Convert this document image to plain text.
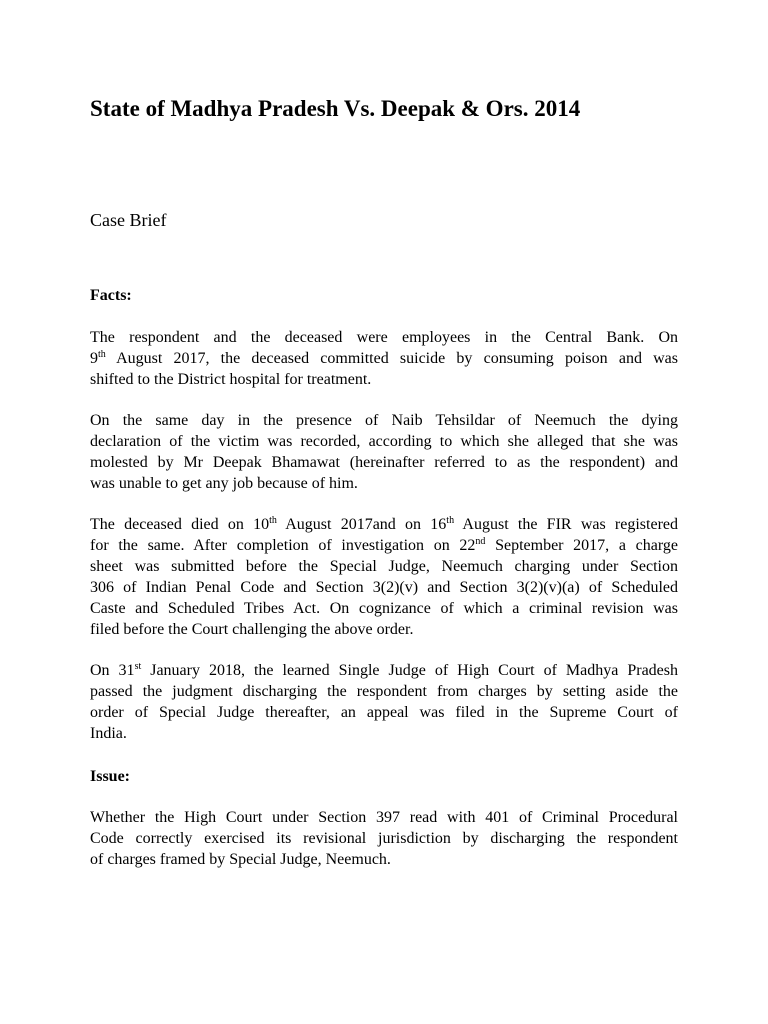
State of Madhya Pradesh Vs. Deepak & Ors. 2014

Case Brief

Facts:

The respondent and the deceased were employees in the Central Bank. On
9th August 2017, the deceased committed suicide by consuming poison and was
shifted to the District hospital for treatment.
On the same day in the presence of Naib Tehsildar of Neemuch the dying
declaration of the victim was recorded, according to which she alleged that she was
molested by Mr Deepak Bhamawat (hereinafter referred to as the respondent) and
was unable to get any job because of him.
The deceased died on 10th August 2017and on 16th August the FIR was registered
for the same. After completion of investigation on 22nd September 2017, a charge
sheet was submitted before the Special Judge, Neemuch charging under Section
306 of Indian Penal Code and Section 3(2)(v) and Section 3(2)(v)(a) of Scheduled
Caste and Scheduled Tribes Act. On cognizance of which a criminal revision was
filed before the Court challenging the above order.
On 31st January 2018, the learned Single Judge of High Court of Madhya Pradesh
passed the judgment discharging the respondent from charges by setting aside the
order of Special Judge thereafter, an appeal was filed in the Supreme Court of
India.

Issue:

Whether the High Court under Section 397 read with 401 of Criminal Procedural
Code correctly exercised its revisional jurisdiction by discharging the respondent
of charges framed by Special Judge, Neemuch.
